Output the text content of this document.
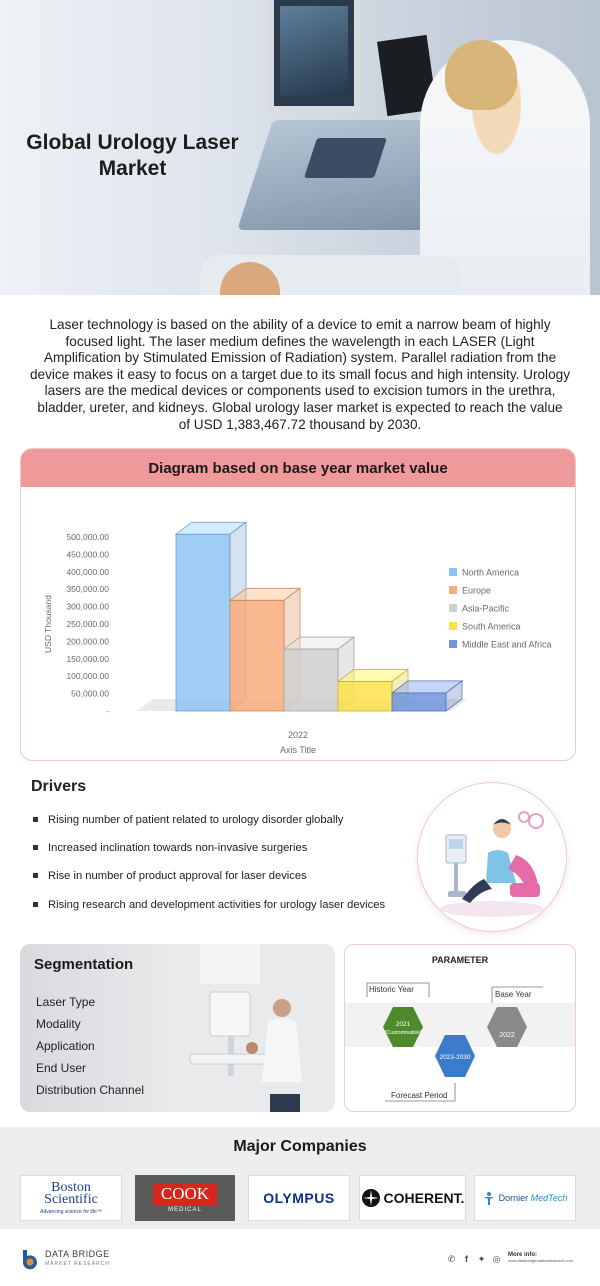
Global Urology Laser Market

Laser technology is based on the ability of a device to emit a narrow beam of highly focused light. The laser medium defines the wavelength in each LASER (Light Amplification by Stimulated Emission of Radiation) system. Parallel radiation from the device makes it easy to focus on a target due to its small focus and high intensity. Urology lasers are the medical devices or components used to excision tumors in the urethra, bladder, ureter, and kidneys. Global urology laser market is expected to reach the value of USD 1,383,467.72 thousand by 2030.

Diagram based on base year market value
-
50,000.00
100,000.00
150,000.00
200,000.00
250,000.00
300,000.00
350,000.00
400,000.00
450,000.00
500,000.00
USD Thousand
2022
Axis Title
North America
Europe
Asia-Pacific
South America
Middle East and Africa
Drivers
Rising number of patient related to urology disorder globally
Increased inclination towards non-invasive surgeries
Rise in number of product approval for laser devices
Rising research and development activities for urology laser devices
Segmentation
Laser Type
Modality
Application
End User
Distribution Channel
PARAMETER
Historic Year
2021
(Customisable)
2023-2030
2022
Base Year
Forecast Period
Major Companies
Boston
Scientific
Advancing science for life™
COOK
MEDICAL
OLYMPUS	COHERENT.	Dornier MedTech
DATA BRIDGE
MARKET RESEARCH	✆	f	✦ ◎ More info:
www.databridgemarketresearch.com
